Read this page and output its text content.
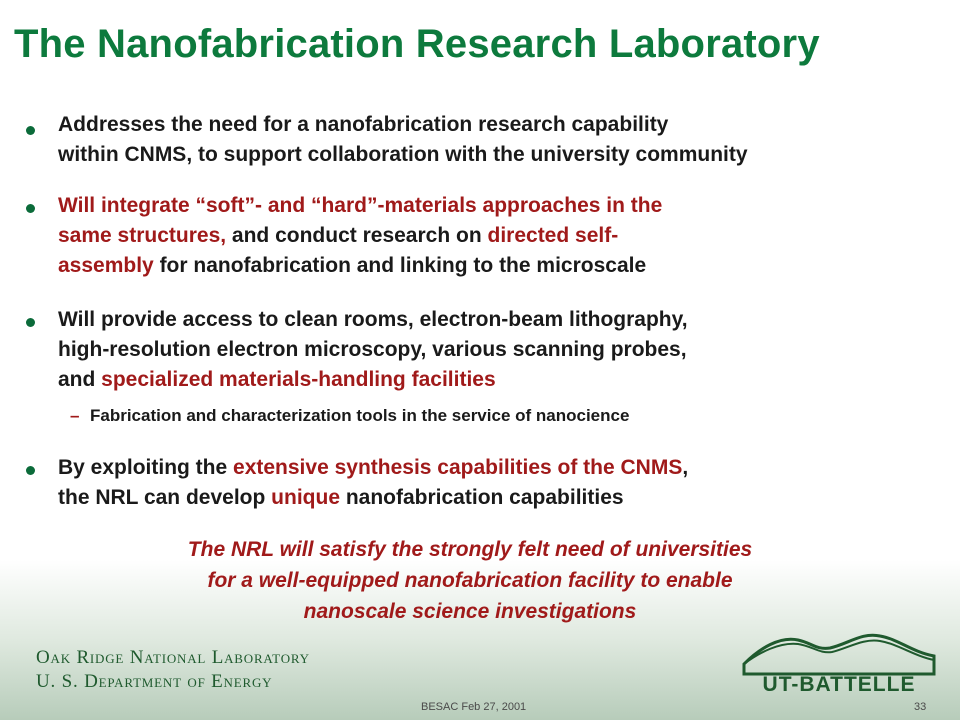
The Nanofabrication Research Laboratory
Addresses the need for a nanofabrication research capability
within CNMS, to support collaboration with the university community
Will integrate “soft”- and “hard”-materials approaches in the
same structures, and conduct research on directed self-
assembly for nanofabrication and linking to the microscale
Will provide access to clean rooms, electron-beam lithography,
high-resolution electron microscopy, various scanning probes,
and specialized materials-handling facilities
– Fabrication and characterization tools in the service of nanocience
By exploiting the extensive synthesis capabilities of the CNMS,
the NRL can develop unique nanofabrication capabilities
The NRL will satisfy the strongly felt need of universities
for a well-equipped nanofabrication facility to enable
nanoscale science investigations
Oak Ridge National Laboratory
U. S. Department of Energy	UT-BATTELLE
BESAC Feb 27, 2001	33
